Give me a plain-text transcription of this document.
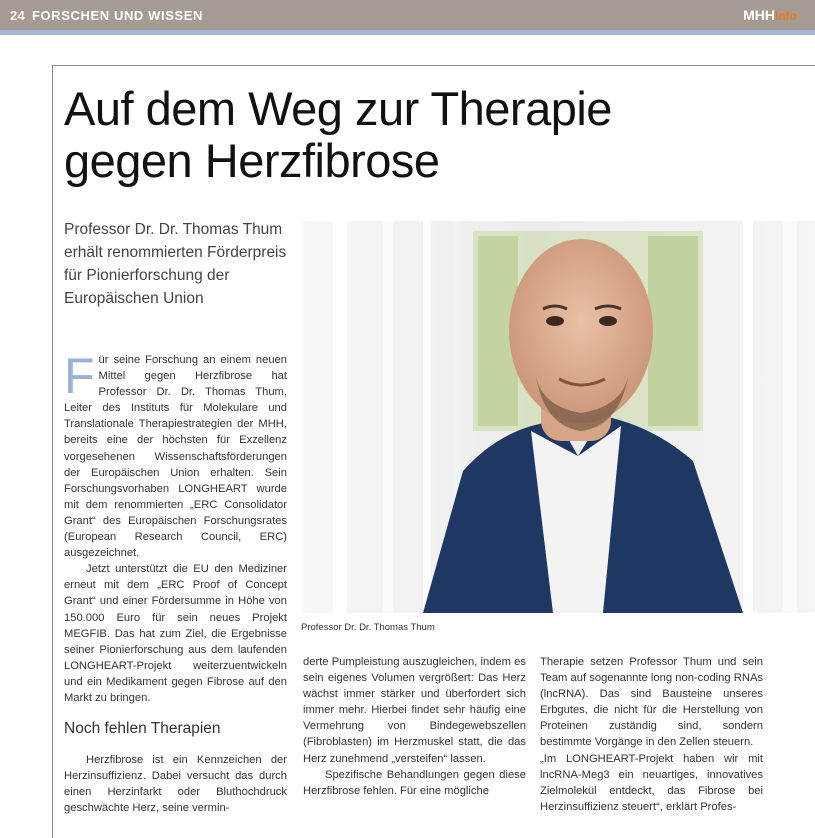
24 FORSCHEN UND WISSEN	MHHInfo
Auf dem Weg zur Therapie
gegen Herzfibrose
Professor Dr. Dr. Thomas Thum erhält renommierten Förderpreis für Pionierforschung der Europäischen Union
Professor Dr. Dr. Thomas Thum
F ür seine Forschung an einem neuen Mittel gegen Herzfibrose hat Professor Dr. Dr. Thomas Thum, Leiter des Instituts für Molekulare und Translationale Therapiestrategien der MHH, bereits eine der höchsten für Exzellenz vorgesehenen Wissenschaftsförderungen der Europäischen Union erhalten. Sein Forschungsvorhaben LONGHEART wurde mit dem renommierten „ERC Consolidator Grant“ des Europäischen Forschungsrates (European Research Council, ERC) ausgezeichnet.

Jetzt unterstützt die EU den Mediziner erneut mit dem „ERC Proof of Concept Grant“ und einer Fördersumme in Höhe von 150.000 Euro für sein neues Projekt MEGFIB. Das hat zum Ziel, die Ergebnisse seiner Pionierforschung aus dem laufenden LONGHEART-Projekt weiterzuentwickeln und ein Medikament gegen Fibrose auf den Markt zu bringen.

Noch fehlen Therapien

Herzfibrose ist ein Kennzeichen der Herzinsuffizienz. Dabei versucht das durch einen Herzinfarkt oder Bluthochdruck geschwächte Herz, seine vermin-

derte Pumpleistung auszugleichen, indem es sein eigenes Volumen vergrößert: Das Herz wächst immer stärker und überfordert sich immer mehr. Hierbei findet sehr häufig eine Vermehrung von Bindegewebszellen (Fibroblasten) im Herzmuskel statt, die das Herz zunehmend „versteifen“ lassen.

Spezifische Behandlungen gegen diese Herzfibrose fehlen. Für eine mögliche

Therapie setzen Professor Thum und sein Team auf sogenannte long non-coding RNAs (lncRNA). Das sind Bausteine unseres Erbgutes, die nicht für die Herstellung von Proteinen zuständig sind, sondern bestimmte Vorgänge in den Zellen steuern.

„Im LONGHEART-Projekt haben wir mit lncRNA-Meg3 ein neuartiges, innovatives Zielmolekül entdeckt, das Fibrose bei Herzinsuffizienz steuert“, erklärt Profes-
